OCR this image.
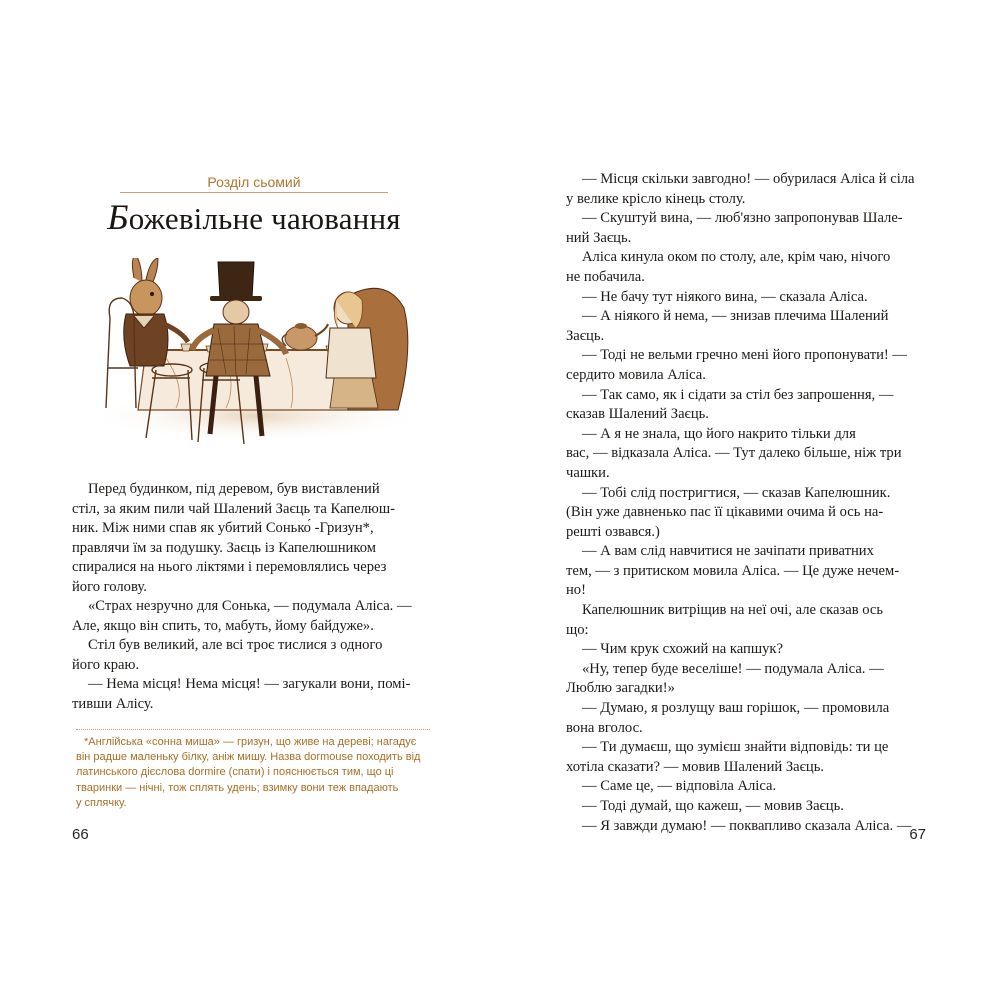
Розділ сьомий
Божевільне чаювання
Перед будинком, під деревом, був виставлений
стіл, за яким пили чай Шалений Заєць та Капелюш-
ник. Між ними спав як убитий Сонько́ -Гризун*,
правлячи їм за подушку. Заєць із Капелюшником
спиралися на нього ліктями і перемовлялись через
його голову.
«Страх незручно для Сонька, — подумала Аліса. —
Але, якщо він спить, то, мабуть, йому байдуже».
Стіл був великий, але всі троє тислися з одного
його краю.
— Нема місця! Нема місця! — загукали вони, помі-
тивши Алісу.
*Англійська «сонна миша» — гризун, що живе на дереві; нагадує
він радше маленьку білку, аніж мишу. Назва dormouse походить від
латинського дієслова dormire (спати) і пояснюється тим, що ці
тваринки — нічні, тож сплять удень; взимку вони теж впадають
у сплячку.
66
— Місця скільки завгодно! — обурилася Аліса й сіла
у велике крісло кінець столу.
— Скуштуй вина, — люб'язно запропонував Шале-
ний Заєць.
Аліса кинула оком по столу, але, крім чаю, нічого
не побачила.
— Не бачу тут ніякого вина, — сказала Аліса.
— А ніякого й нема, — знизав плечима Шалений
Заєць.
— Тоді не вельми гречно мені його пропонувати! —
сердито мовила Аліса.
— Так само, як і сідати за стіл без запрошення, —
сказав Шалений Заєць.
— А я не знала, що його накрито тільки для
вас, — відказала Аліса. — Тут далеко більше, ніж три
чашки.
— Тобі слід постригтися, — сказав Капелюшник.
(Він уже давненько пас її цікавими очима й ось на-
решті озвався.)
— А вам слід навчитися не зачіпати приватних
тем, — з притиском мовила Аліса. — Це дуже нечем-
но!
Капелюшник витріщив на неї очі, але сказав ось
що:
— Чим крук схожий на капшук?
«Ну, тепер буде веселіше! — подумала Аліса. —
Люблю загадки!»
— Думаю, я розлущу ваш горішок, — промовила
вона вголос.
— Ти думаєш, що зумієш знайти відповідь: ти це
хотіла сказати? — мовив Шалений Заєць.
— Саме це, — відповіла Аліса.
— Тоді думай, що кажеш, — мовив Заєць.
— Я завжди думаю! — поквапливо сказала Аліса. —
67
